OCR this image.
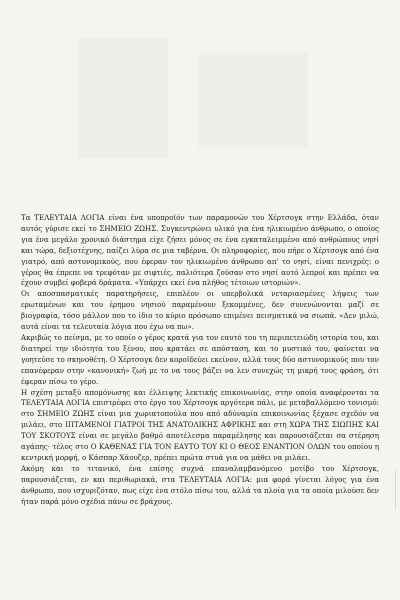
Τα ΤΕΛΕΥΤΑΙΑ ΛΟΓΙΑ είναι ένα υποπροϊόν των παραμονών του Χέρτσογκ στην Ελλάδα, όταν αυτός γύρισε εκεί το ΣΗΜΕΙΟ ΖΩΗΣ. Συγκεντρώνει υλικό για ένα ηλικιωμένο άνθρωπο, ο οποίος για ένα μεγάλο χρονικό διάστημα είχε ζήσει μόνος σε ένα εγκαταλειμμένο από ανθρώπους νησί και τώρα, δεξιοτέχνης, παίζει λύρα σε μια ταβέρνα. Οι πληροφορίες, που πήρε ο Χέρτσογκ από ένα γιατρό, από αστυνομικούς, που έφεραν τον ηλικιωμένο άνθρωπο απ' το νησί, είναι πενιχρές: ο γέρος θα έπρεπε να τρεφόταν με σιφτιές, παλιότερα ζούσαν στο νησί αυτό λεπροί και πρέπει να έχουν συμβεί φοβερά δράματα. «Υπάρχει εκεί ένα πλήθος τέτοιων ιστοριών».

Οι αποσπασματικές παρατηρήσεις, επιπλέον οι υπερβολικά νεταριασμένες λήψεις των ερωταμένων και του έρημου νησιού παραμένουν ξεκομμένες, δεν συνενώνονται μαζί σε βιογραφία, τόσο μάλλον που το ίδιο το κύριο πρόσωπο επιμένει πεισματικά να σιωπά. «Δεν μιλώ, αυτά είναι τα τελευταία λόγια που έχω να πω».

Ακριβώς το πείσμα, με το οποίο ο γέρος κρατά για τον εαυτό του τη περιπετειώδη ιστορία του, και διατηρεί την ιδιότητα του ξένου, που κρατάει σε απόσταση, και το μυστικό του, φαίνεται να γοητεύσε το σκηνοθέτη. Ο Χέρτσογκ δεν κοροϊδεύει εκείνον, αλλά τους δύο αστυνομικούς που τον επανέφεραν στην «κανονική» ζωή με το να τους βάζει να λεν συνεχώς τη μικρή τους φράση, ότι έφεραν πίσω το γέρο.

Η σχέση μεταξύ απομόνωσης και έλλειψης λεκτικής επικοινωνίας, στην οποία αναφέρονται τα ΤΕΛΕΥΤΑΙΑ ΛΟΓΙΑ επιστρέφει στο έργο του Χέρτσογκ αργότερα πάλι, με μεταβαλλόμενο τονισμό: στο ΣΗΜΕΙΟ ΖΩΗΣ είναι μια χωριατοπούλα που από αδύναμία επικοινωνίας ξέχασε σχεδόν να μιλάει, στο ΙΠΤΑΜΕΝΟΙ ΓΙΑΤΡΟΙ ΤΗΣ ΑΝΑΤΟΛΙΚΗΣ ΑΦΡΙΚΗΣ και στη ΧΩΡΑ ΤΗΣ ΣΙΩΠΗΣ ΚΑΙ ΤΟΥ ΣΚΟΤΟΥΣ είναι σε μεγάλο βαθμό αποτέλεσμα παραμέλησης και παρουσιάζεται σα στέρηση αγάπης· τέλος στο Ο ΚΑΘΕΝΑΣ ΓΙΑ ΤΟΝ ΕΑΥΤΟ ΤΟΥ ΚΙ Ο ΘΕΟΣ ΕΝΑΝΤΙΟΝ ΟΛΩΝ του οποίου η κεντρική μορφή, ο Κάσπαρ Χάουζερ, πρέπει πρώτα στυά για να μάθει να μιλάει.

Ακόμη και το τιτανικό, ένα επίσης συχνά επαναλαμβανόμενο μοτίβο του Χέρτσογκ, παρουσιάζεται, εν και περιθωριακά, στα ΤΕΛΕΥΤΑΙΑ ΛΟΓΙΑ: μια φορά γίνεται λόγος για ένα άνθρωπο, που ισχυριζόταν, πως είχε ένα στόλο πίσω του, αλλά τα πλοία για τα οποία μιλούσε δεν ήταν παρά μόνο σχέδια πάνω σε βράχους.
